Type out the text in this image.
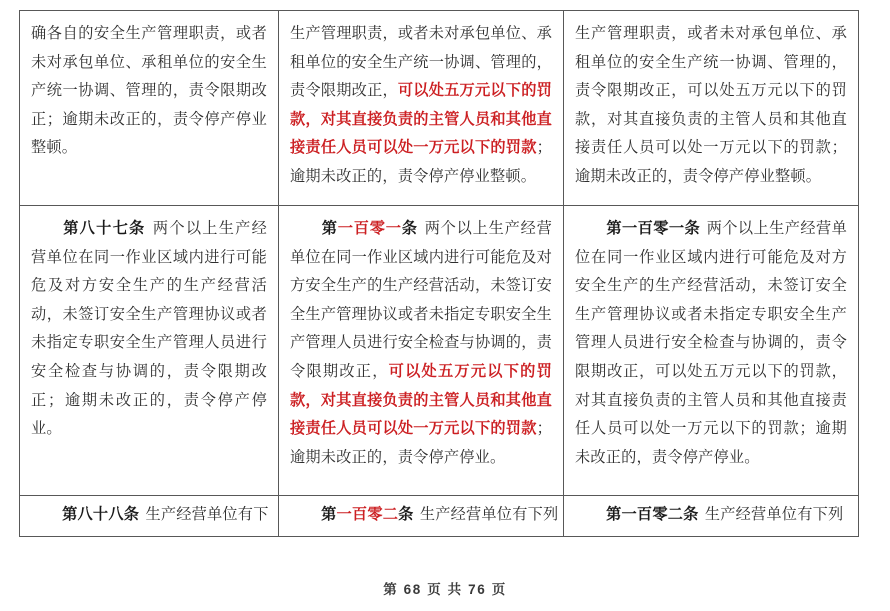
确各自的安全生产管理职责，或者未对承包单位、承租单位的安全生产统一协调、管理的，责令限期改正；逾期未改正的，责令停产停业整顿。	生产管理职责，或者未对承包单位、承租单位的安全生产统一协调、管理的，责令限期改正，可以处五万元以下的罚款，对其直接负责的主管人员和其他直接责任人员可以处一万元以下的罚款；逾期未改正的，责令停产停业整顿。	生产管理职责，或者未对承包单位、承租单位的安全生产统一协调、管理的，责令限期改正，可以处五万元以下的罚款，对其直接负责的主管人员和其他直接责任人员可以处一万元以下的罚款；逾期未改正的，责令停产停业整顿。

第八十七条 两个以上生产经营单位在同一作业区域内进行可能危及对方安全生产的生产经营活动，未签订安全生产管理协议或者未指定专职安全生产管理人员进行安全检查与协调的，责令限期改正；逾期未改正的，责令停产停业。	第一百零一条 两个以上生产经营单位在同一作业区域内进行可能危及对方安全生产的生产经营活动，未签订安全生产管理协议或者未指定专职安全生产管理人员进行安全检查与协调的，责令限期改正，可以处五万元以下的罚款，对其直接负责的主管人员和其他直接责任人员可以处一万元以下的罚款；逾期未改正的，责令停产停业。	第一百零一条 两个以上生产经营单位在同一作业区域内进行可能危及对方安全生产的生产经营活动，未签订安全生产管理协议或者未指定专职安全生产管理人员进行安全检查与协调的，责令限期改正，可以处五万元以下的罚款，对其直接负责的主管人员和其他直接责任人员可以处一万元以下的罚款；逾期未改正的，责令停产停业。

第八十八条 生产经营单位有下	第一百零二条 生产经营单位有下列	第一百零二条 生产经营单位有下列

第 68 页 共 76 页
